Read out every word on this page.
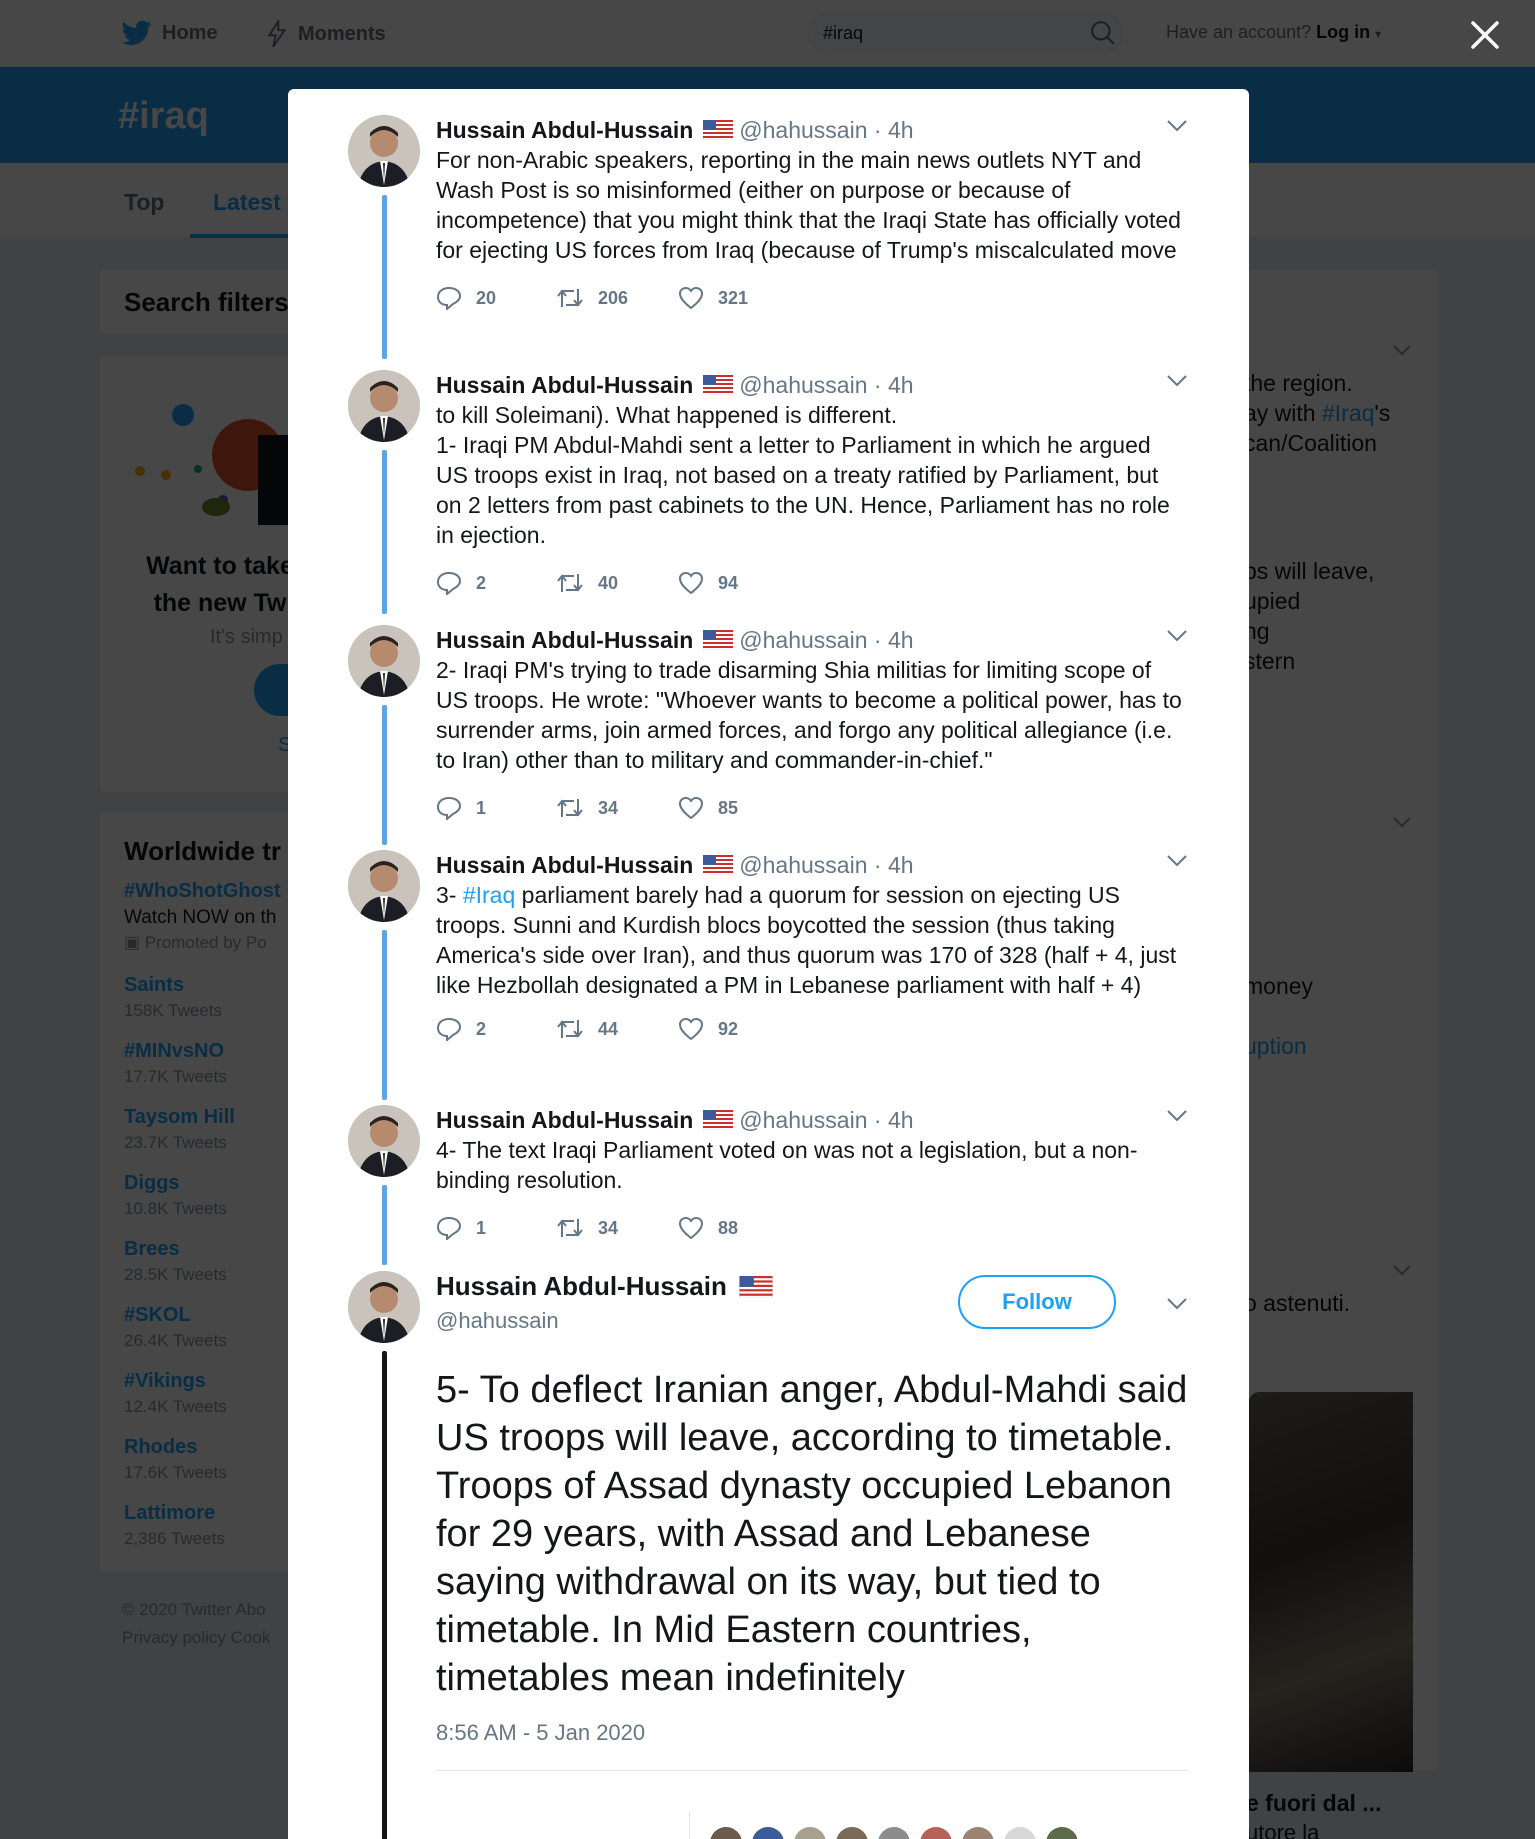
#iraq
Hussain Abdul-Hussain @hahussain
· 4h
For non-Arabic speakers, reporting in the main news outlets NYT and Wash Post is so misinformed (either on purpose or because of incompetence) that you might think that the Iraqi State has officially voted for ejecting US forces from Iraq (because of Trump's miscalculated move
20	206	321
Hussain Abdul-Hussain @hahussain
· 4h
to kill Soleimani). What happened is different.
1- Iraqi PM Abdul-Mahdi sent a letter to Parliament in which he argued US troops exist in Iraq, not based on a treaty ratified by Parliament, but on 2 letters from past cabinets to the UN. Hence, Parliament has no role in ejection.
2	40	94
Hussain Abdul-Hussain @hahussain
· 4h
2- Iraqi PM's trying to trade disarming Shia militias for limiting scope of US troops. He wrote: "Whoever wants to become a political power, has to surrender arms, join armed forces, and forgo any political allegiance (i.e. to Iran) other than to military and commander-in-chief."
1	34	85
Hussain Abdul-Hussain @hahussain
· 4h
3- #Iraq parliament barely had a quorum for session on ejecting US troops. Sunni and Kurdish blocs boycotted the session (thus taking America's side over Iran), and thus quorum was 170 of 328 (half + 4, just like Hezbollah designated a PM in Lebanese parliament with half + 4)
2	44	92
Hussain Abdul-Hussain @hahussain
· 4h
4- The text Iraqi Parliament voted on was not a legislation, but a non-binding resolution.
1	34	88
Hussain Abdul-Hussain
@hahussain
Follow
5- To deflect Iranian anger, Abdul-Mahdi said US troops will leave, according to timetable. Troops of Assad dynasty occupied Lebanon for 29 years, with Assad and Lebanese saying withdrawal on its way, but tied to timetable. In Mid Eastern countries, timetables mean indefinitely
8:56 AM - 5 Jan 2020
